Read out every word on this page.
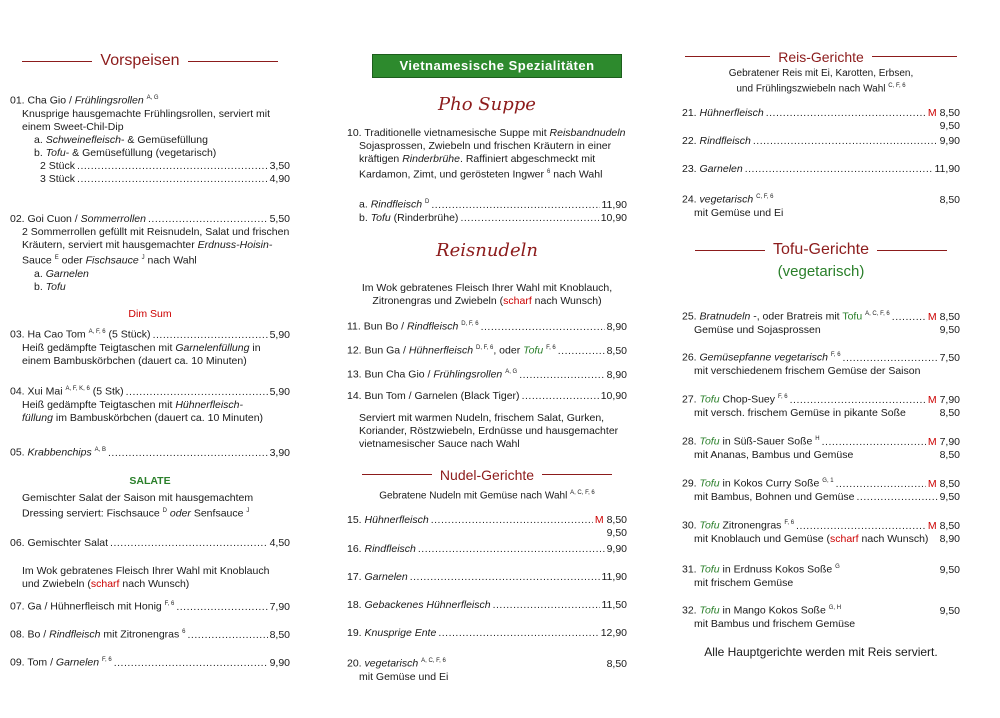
Vorspeisen
01. Cha Gio / Frühlingsrollen $^{A, G}$
Knusprige hausgemachte Frühlingsrollen, serviert mit
einem Sweet-Chil-Dip
a. Schweinefleisch- & Gemüsefüllung
b. Tofu- & Gemüsefüllung (vegetarisch)
2 Stück .....	3,50
3 Stück .....	4,90
02. Goi Cuon / Sommerrollen .....	5,50
2 Sommerrollen gefüllt mit Reisnudeln, Salat und frischen
Kräutern, serviert mit hausgemachter Erdnuss-Hoisin-
Sauce $^E$ oder Fischsauce $^J$ nach Wahl
a. Garnelen
b. Tofu
Dim Sum
03. Ha Cao Tom $^{A, F, 6}$ (5 Stück) .....	5,90
Heiß gedämpfte Teigtaschen mit Garnelenfüllung in
einem Bambuskörbchen (dauert ca. 10 Minuten)
04. Xui Mai $^{A, F, K, 6}$ (5 Stk) .....	5,90
Heiß gedämpfte Teigtaschen mit Hühnerfleisch-
füllung im Bambuskörbchen (dauert ca. 10 Minuten)
05. Krabbenchips $^{A, B}$ .....	3,90
SALATE
Gemischter Salat der Saison mit hausgemachtem
Dressing serviert: Fischsauce $^D$ oder Senfsauce $^J$
06. Gemischter Salat .....	4,50
Im Wok gebratenes Fleisch Ihrer Wahl mit Knoblauch
und Zwiebeln (scharf nach Wunsch)
07. Ga / Hühnerfleisch mit Honig $^{F, 6}$ .....	7,90
08. Bo / Rindfleisch mit Zitronengras $^6$ .....	8,50
09. Tom / Garnelen $^{F, 6}$ .....	9,90
Vietnamesische Spezialitäten
Pho Suppe
10. Traditionelle vietnamesische Suppe mit Reisbandnudeln
Sojasprossen, Zwiebeln und frischen Kräutern in einer
kräftigen Rinderbrühe. Raffiniert abgeschmeckt mit
Kardamon, Zimt, und gerösteten Ingwer $^6$ nach Wahl
a. Rindfleisch $^D$ .....	11,90
b. Tofu (Rinderbrühe) .....	10,90
Reisnudeln
Im Wok gebratenes Fleisch Ihrer Wahl mit Knoblauch,
Zitronengras und Zwiebeln (scharf nach Wunsch)
11. Bun Bo / Rindfleisch $^{D, F, 6}$ .....	8,90
12. Bun Ga / Hühnerfleisch $^{D, F, 6}$, oder Tofu $^{F, 6}$ .....	8,50
13. Bun Cha Gio / Frühlingsrollen $^{A, G}$ .....	8,90
14. Bun Tom / Garnelen (Black Tiger) .....	10,90
Serviert mit warmen Nudeln, frischem Salat, Gurken,
Koriander, Röstzwiebeln, Erdnüsse und hausgemachter
vietnamesischer Sauce nach Wahl
Nudel-Gerichte
Gebratene Nudeln mit Gemüse nach Wahl $^{A, C, F, 6}$
15. Hühnerfleisch .....	M 8,50
9,50
16. Rindfleisch .....	9,90
17. Garnelen .....	11,90
18. Gebackenes Hühnerfleisch .....	11,50
19. Knusprige Ente .....	12,90
20. vegetarisch $^{A, C, F, 6}$	8,50
mit Gemüse und Ei
Reis-Gerichte
Gebratener Reis mit Ei, Karotten, Erbsen,
und Frühlingszwiebeln nach Wahl $^{C, F, 6}$
21. Hühnerfleisch .....	M 8,50
9,50
22. Rindfleisch .....	9,90
23. Garnelen .....	11,90
24. vegetarisch $^{C, F, 6}$	8,50
mit Gemüse und Ei
Tofu-Gerichte
(vegetarisch)
25. Bratnudeln -, oder Bratreis mit Tofu $^{A, C, F, 6}$ .....	M 8,50
Gemüse und Sojasprossen	9,50
26. Gemüsepfanne vegetarisch $^{F, 6}$ .....	7,50
mit verschiedenem frischem Gemüse der Saison
27. Tofu Chop-Suey $^{F, 6}$ .....	M 7,90
mit versch. frischem Gemüse in pikante Soße	8,50
28. Tofu in Süß-Sauer Soße $^H$ .....	M 7,90
mit Ananas, Bambus und Gemüse	8,50
29. Tofu in Kokos Curry Soße $^{G, 1}$ .....	M 8,50
mit Bambus, Bohnen und Gemüse .....	9,50
30. Tofu Zitronengras $^{F, 6}$ .....	M 8,50
mit Knoblauch und Gemüse (scharf nach Wunsch) 8,90
31. Tofu in Erdnuss Kokos Soße $^G$	9,50
mit frischem Gemüse
32. Tofu in Mango Kokos Soße $^{G, H}$	9,50
mit Bambus und frischem Gemüse
Alle Hauptgerichte werden mit Reis serviert.
